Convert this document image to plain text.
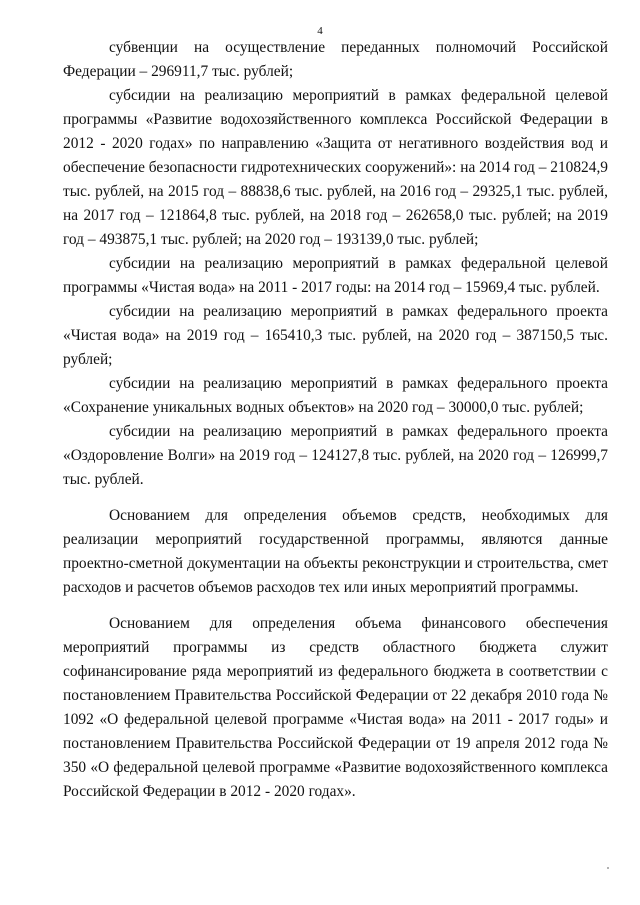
4

субвенции на осуществление переданных полномочий Российской Федерации – 296911,7 тыс. рублей;

субсидии на реализацию мероприятий в рамках федеральной целевой программы «Развитие водохозяйственного комплекса Российской Федерации в 2012 - 2020 годах» по направлению «Защита от негативного воздействия вод и обеспечение безопасности гидротехнических сооружений»: на 2014 год – 210824,9 тыс. рублей, на 2015 год – 88838,6 тыс. рублей, на 2016 год – 29325,1 тыс. рублей, на 2017 год – 121864,8 тыс. рублей, на 2018 год – 262658,0 тыс. рублей; на 2019 год – 493875,1 тыс. рублей; на 2020 год – 193139,0 тыс. рублей;

субсидии на реализацию мероприятий в рамках федеральной целевой программы «Чистая вода» на 2011 - 2017 годы: на 2014 год – 15969,4 тыс. рублей.

субсидии на реализацию мероприятий в рамках федерального проекта «Чистая вода» на 2019 год – 165410,3 тыс. рублей, на 2020 год – 387150,5 тыс. рублей;

субсидии на реализацию мероприятий в рамках федерального проекта «Сохранение уникальных водных объектов» на 2020 год – 30000,0 тыс. рублей;

субсидии на реализацию мероприятий в рамках федерального проекта «Оздоровление Волги» на 2019 год – 124127,8 тыс. рублей, на 2020 год – 126999,7 тыс. рублей.

Основанием для определения объемов средств, необходимых для реализации мероприятий государственной программы, являются данные проектно-сметной документации на объекты реконструкции и строительства, смет расходов и расчетов объемов расходов тех или иных мероприятий программы.

Основанием для определения объема финансового обеспечения мероприятий программы из средств областного бюджета служит софинансирование ряда мероприятий из федерального бюджета в соответствии с постановлением Правительства Российской Федерации от 22 декабря 2010 года № 1092 «О федеральной целевой программе «Чистая вода» на 2011 - 2017 годы» и постановлением Правительства Российской Федерации от 19 апреля 2012 года № 350 «О федеральной целевой программе «Развитие водохозяйственного комплекса Российской Федерации в 2012 - 2020 годах».
